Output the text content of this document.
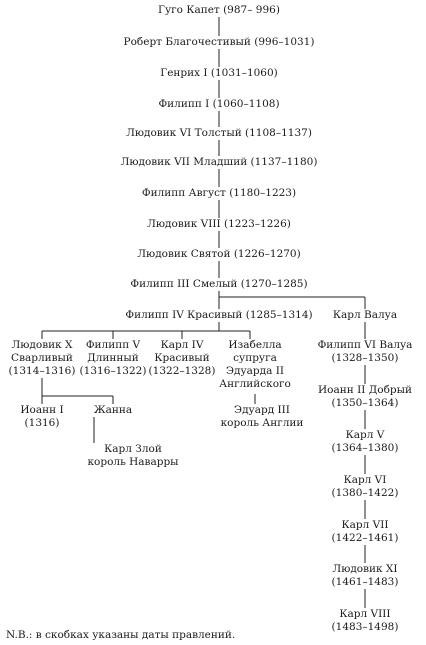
Гуго Капет (987– 996)
Роберт Благочестивый (996–1031)
Генрих I (1031–1060)
Филипп I (1060–1108)
Людовик VI Толстый (1108–1137)
Людовик VII Младший (1137–1180)
Филипп Август (1180–1223)
Людовик VIII (1223–1226)
Людовик Святой (1226–1270)
Филипп III Смелый (1270–1285)
Филипп IV Красивый (1285–1314) Карл Валуа
Людовик X
Сварливый
(1314–1316)
Филипп V
Длинный
(1316–1322)
Карл IV
Красивый
(1322–1328)
Изабелла
супруга
Эдуарда II
Английского
Иоанн I
(1316)
Жанна
Карл Злой
король Наварры
Эдуард III
король Англии
Филипп VI Валуа
(1328–1350)
Иоанн II Добрый
(1350–1364)
Карл V
(1364–1380)
Карл VI
(1380–1422)
Карл VII
(1422–1461)
Людовик XI
(1461–1483)
Карл VIII
(1483–1498)
N.B.: в скобках указаны даты правлений.
